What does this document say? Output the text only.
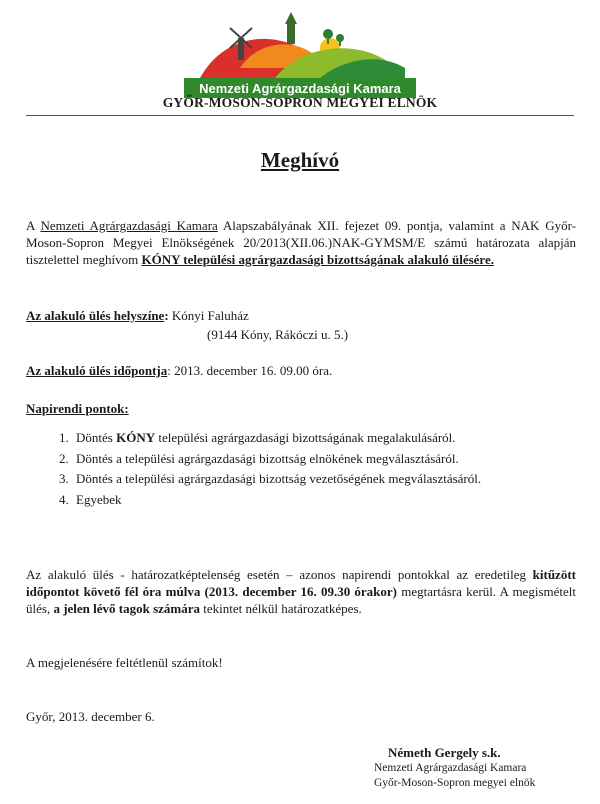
Nemzeti Agrárgazdasági Kamara
GYŐR-MOSON-SOPRON MEGYEI ELNÖK
Meghívó
A Nemzeti Agrárgazdasági Kamara Alapszabályának XII. fejezet 09. pontja, valamint a NAK Győr-Moson-Sopron Megyei Elnökségének 20/2013(XII.06.)NAK-GYMSM/E számú határozata alapján tisztelettel meghívom KÓNY települési agrárgazdasági bizottságának alakuló ülésére.
Az alakuló ülés helyszíne: Kónyi Faluház
(9144 Kóny, Rákóczi u. 5.)
Az alakuló ülés időpontja: 2013. december 16. 09.00 óra.
Napirendi pontok:
1. Döntés KÓNY települési agrárgazdasági bizottságának megalakulásáról.
2. Döntés a települési agrárgazdasági bizottság elnökének megválasztásáról.
3. Döntés a települési agrárgazdasági bizottság vezetőségének megválasztásáról.
4. Egyebek
Az alakuló ülés - határozatképtelenség esetén – azonos napirendi pontokkal az eredetileg kitűzött időpontot követő fél óra múlva (2013. december 16. 09.30 órakor) megtartásra kerül. A megismételt ülés, a jelen lévő tagok számára tekintet nélkül határozatképes.
A megjelenésére feltétlenül számítok!
Győr, 2013. december 6.
Németh Gergely s.k.
Nemzeti Agrárgazdasági Kamara
Győr-Moson-Sopron megyei elnök
